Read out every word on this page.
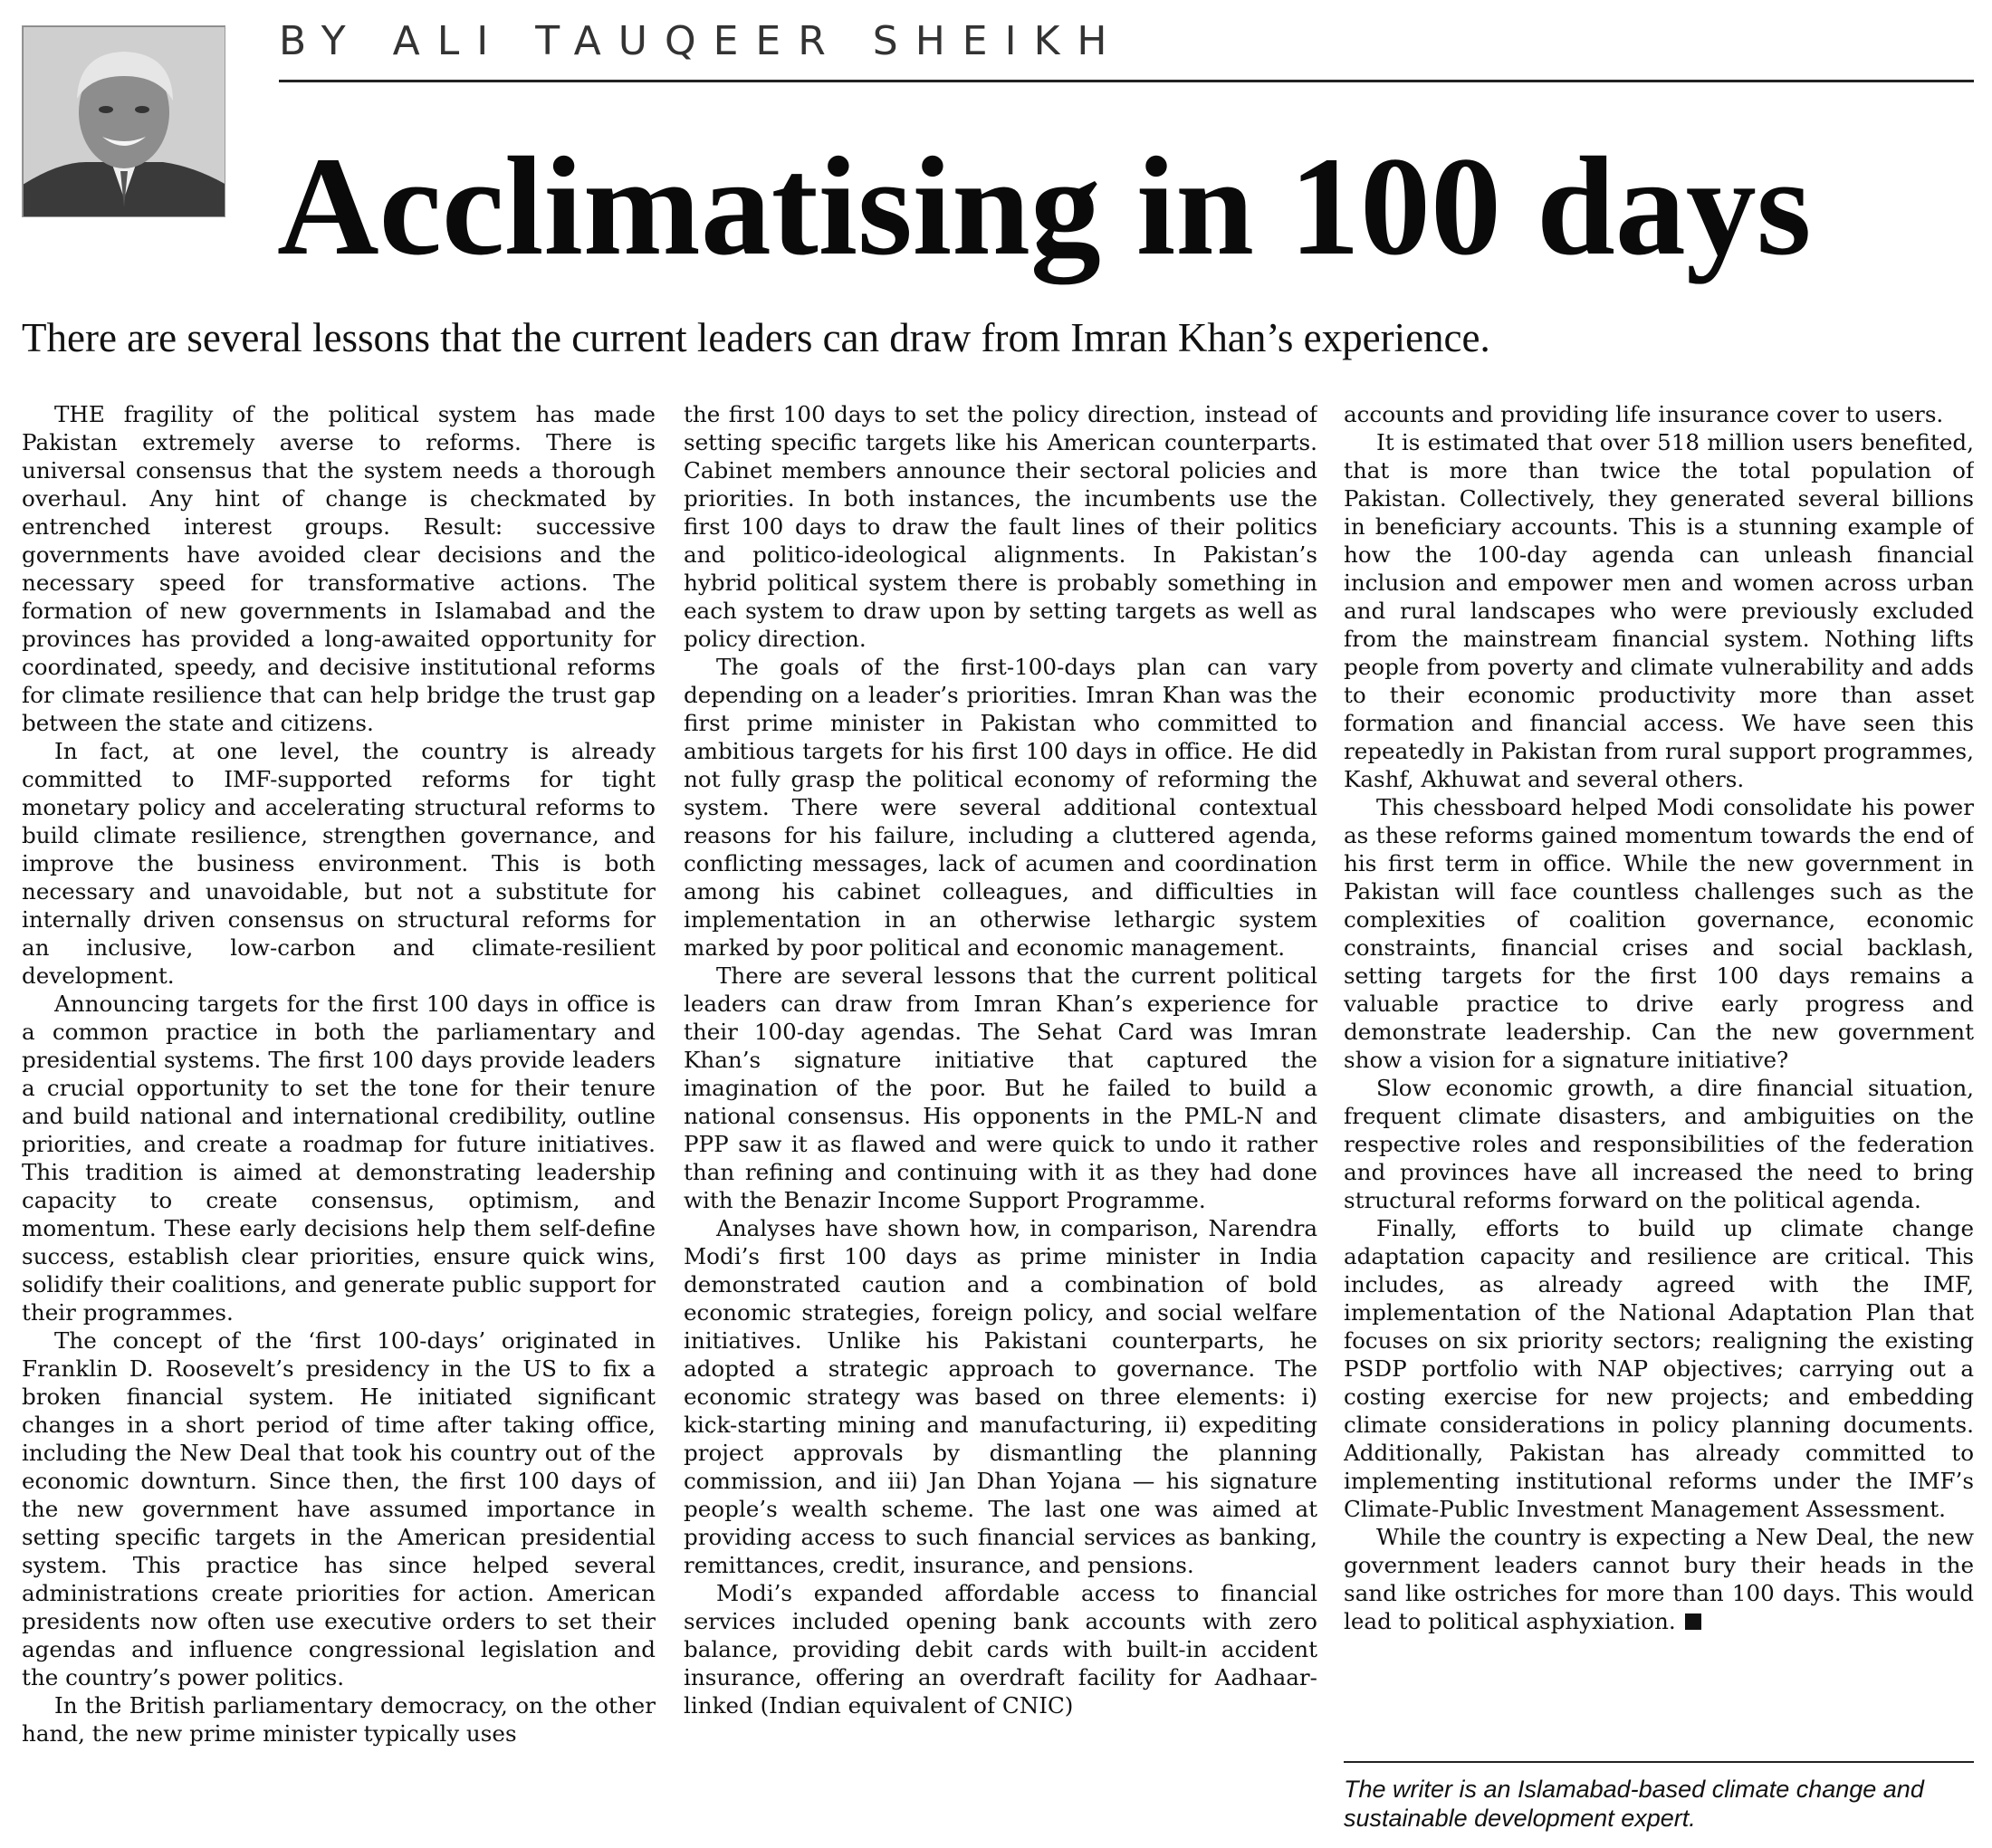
BY ALI TAUQEER SHEIKH
Acclimatising in 100 days
There are several lessons that the current leaders can draw from Imran Khan’s experience.

THE fragility of the political system has made Pakistan extremely averse to reforms. There is universal consensus that the system needs a thorough overhaul. Any hint of change is checkmated by entrenched interest groups. Result: successive governments have avoided clear decisions and the necessary speed for transformative actions. The formation of new governments in Islamabad and the provinces has provided a long-awaited opportunity for coordinated, speedy, and decisive institutional reforms for climate resilience that can help bridge the trust gap between the state and citizens.

In fact, at one level, the country is already committed to IMF-supported reforms for tight monetary policy and accelerating structural reforms to build climate resilience, strengthen governance, and improve the business environment. This is both necessary and unavoidable, but not a substitute for internally driven consensus on structural reforms for an inclusive, low-carbon and climate-resilient development.

Announcing targets for the first 100 days in office is a common practice in both the parliamentary and presidential systems. The first 100 days provide leaders a crucial opportunity to set the tone for their tenure and build national and international credibility, outline priorities, and create a roadmap for future initiatives. This tradition is aimed at demonstrating leadership capacity to create consensus, optimism, and momentum. These early decisions help them self-define success, establish clear priorities, ensure quick wins, solidify their coalitions, and generate public support for their programmes.

The concept of the ‘first 100-days’ originated in Franklin D. Roosevelt’s presidency in the US to fix a broken financial system. He initiated significant changes in a short period of time after taking office, including the New Deal that took his country out of the economic downturn. Since then, the first 100 days of the new government have assumed importance in setting specific targets in the American presidential system. This practice has since helped several administrations create priorities for action. American presidents now often use executive orders to set their agendas and influence congressional legislation and the country’s power politics.

In the British parliamentary democracy, on the other hand, the new prime minister typically uses

the first 100 days to set the policy direction, instead of setting specific targets like his American counterparts. Cabinet members announce their sectoral policies and priorities. In both instances, the incumbents use the first 100 days to draw the fault lines of their politics and politico-ideological alignments. In Pakistan’s hybrid political system there is probably something in each system to draw upon by setting targets as well as policy direction.

The goals of the first-100-days plan can vary depending on a leader’s priorities. Imran Khan was the first prime minister in Pakistan who committed to ambitious targets for his first 100 days in office. He did not fully grasp the political economy of reforming the system. There were several additional contextual reasons for his failure, including a cluttered agenda, conflicting messages, lack of acumen and coordination among his cabinet colleagues, and difficulties in implementation in an otherwise lethargic system marked by poor political and economic management.

There are several lessons that the current political leaders can draw from Imran Khan’s experience for their 100-day agendas. The Sehat Card was Imran Khan’s signature initiative that captured the imagination of the poor. But he failed to build a national consensus. His opponents in the PML-N and PPP saw it as flawed and were quick to undo it rather than refining and continuing with it as they had done with the Benazir Income Support Programme.

Analyses have shown how, in comparison, Narendra Modi’s first 100 days as prime minister in India demonstrated caution and a combination of bold economic strategies, foreign policy, and social welfare initiatives. Unlike his Pakistani counterparts, he adopted a strategic approach to governance. The economic strategy was based on three elements: i) kick-starting mining and manufacturing, ii) expediting project approvals by dismantling the planning commission, and iii) Jan Dhan Yojana — his signature people’s wealth scheme. The last one was aimed at providing access to such financial services as banking, remittances, credit, insurance, and pensions.

Modi’s expanded affordable access to financial services included opening bank accounts with zero balance, providing debit cards with built-in accident insurance, offering an overdraft facility for Aadhaar-linked (Indian equivalent of CNIC)

accounts and providing life insurance cover to users.

It is estimated that over 518 million users benefited, that is more than twice the total population of Pakistan. Collectively, they generated several billions in beneficiary accounts. This is a stunning example of how the 100-day agenda can unleash financial inclusion and empower men and women across urban and rural landscapes who were previously excluded from the mainstream financial system. Nothing lifts people from poverty and climate vulnerability and adds to their economic productivity more than asset formation and financial access. We have seen this repeatedly in Pakistan from rural support programmes, Kashf, Akhuwat and several others.

This chessboard helped Modi consolidate his power as these reforms gained momentum towards the end of his first term in office. While the new government in Pakistan will face countless challenges such as the complexities of coalition governance, economic constraints, financial crises and social backlash, setting targets for the first 100 days remains a valuable practice to drive early progress and demonstrate leadership. Can the new government show a vision for a signature initiative?

Slow economic growth, a dire financial situation, frequent climate disasters, and ambiguities on the respective roles and responsibilities of the federation and provinces have all increased the need to bring structural reforms forward on the political agenda.

Finally, efforts to build up climate change adaptation capacity and resilience are critical. This includes, as already agreed with the IMF, implementation of the National Adaptation Plan that focuses on six priority sectors; realigning the existing PSDP portfolio with NAP objectives; carrying out a costing exercise for new projects; and embedding climate considerations in policy planning documents. Additionally, Pakistan has already committed to implementing institutional reforms under the IMF’s Climate-Public Investment Management Assessment.

While the country is expecting a New Deal, the new government leaders cannot bury their heads in the sand like ostriches for more than 100 days. This would lead to political asphyxiation.

The writer is an Islamabad-based climate change and sustainable development expert.
